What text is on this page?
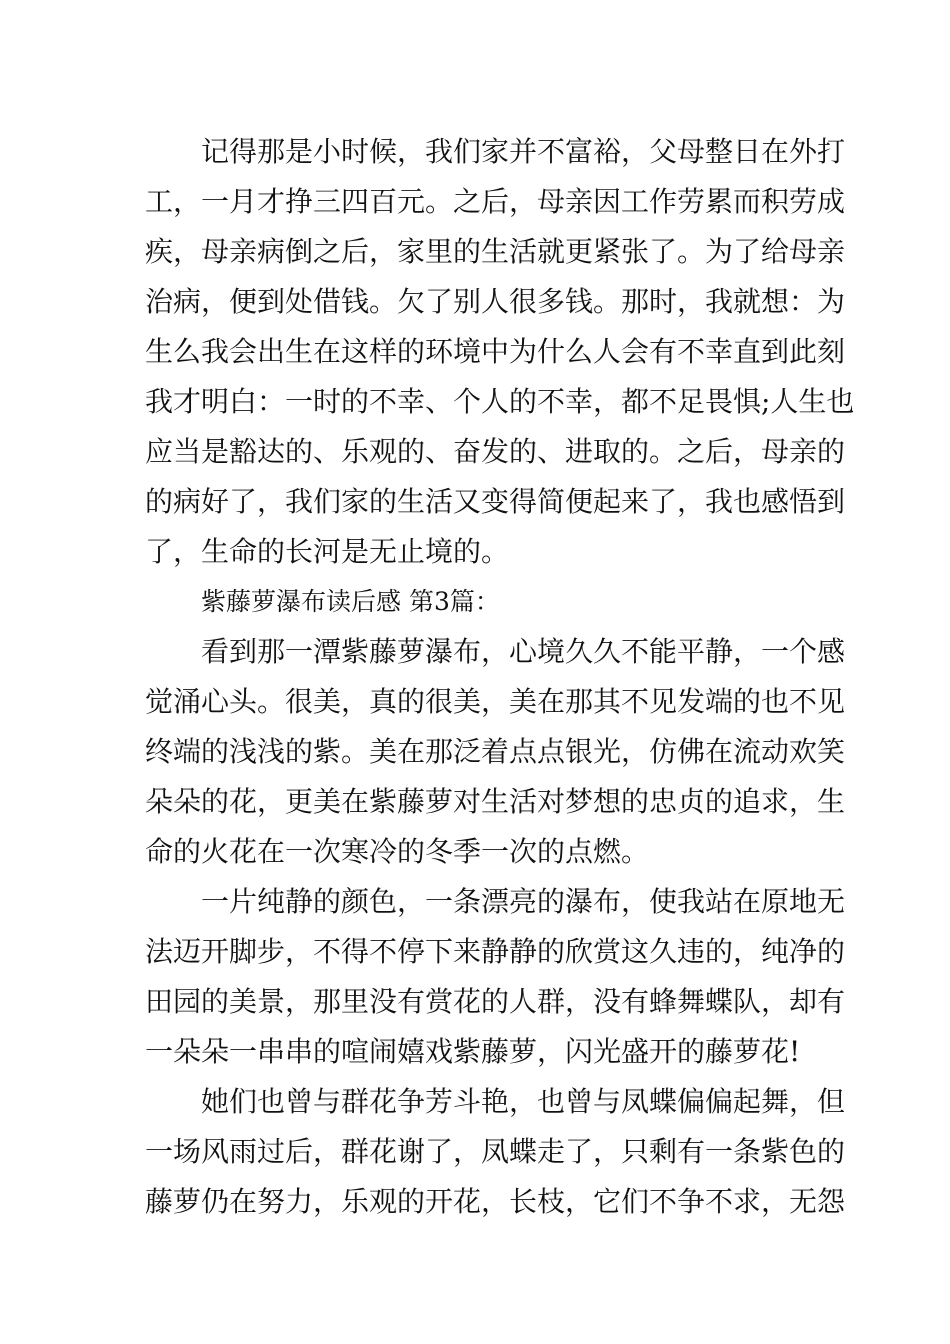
记得那是小时候，我们家并不富裕，父母整日在外打
工，一月才挣三四百元。之后，母亲因工作劳累而积劳成
疾，母亲病倒之后，家里的生活就更紧张了。为了给母亲
治病，便到处借钱。欠了别人很多钱。那时，我就想：为
生么我会出生在这样的环境中为什么人会有不幸直到此刻
我才明白：一时的不幸、个人的不幸，都不足畏惧;人生也
应当是豁达的、乐观的、奋发的、进取的。之后，母亲的
的病好了，我们家的生活又变得简便起来了，我也感悟到
了，生命的长河是无止境的。
紫藤萝瀑布读后感 第3篇：
看到那一潭紫藤萝瀑布，心境久久不能平静，一个感
觉涌心头。很美，真的很美，美在那其不见发端的也不见
终端的浅浅的紫。美在那泛着点点银光，仿佛在流动欢笑
朵朵的花，更美在紫藤萝对生活对梦想的忠贞的追求，生
命的火花在一次寒冷的冬季一次的点燃。
一片纯静的颜色，一条漂亮的瀑布，使我站在原地无
法迈开脚步，不得不停下来静静的欣赏这久违的，纯净的
田园的美景，那里没有赏花的人群，没有蜂舞蝶队，却有
一朵朵一串串的喧闹嬉戏紫藤萝，闪光盛开的藤萝花!
她们也曾与群花争芳斗艳，也曾与凤蝶偏偏起舞，但
一场风雨过后，群花谢了，凤蝶走了，只剩有一条紫色的
藤萝仍在努力，乐观的开花，长枝，它们不争不求，无怨
